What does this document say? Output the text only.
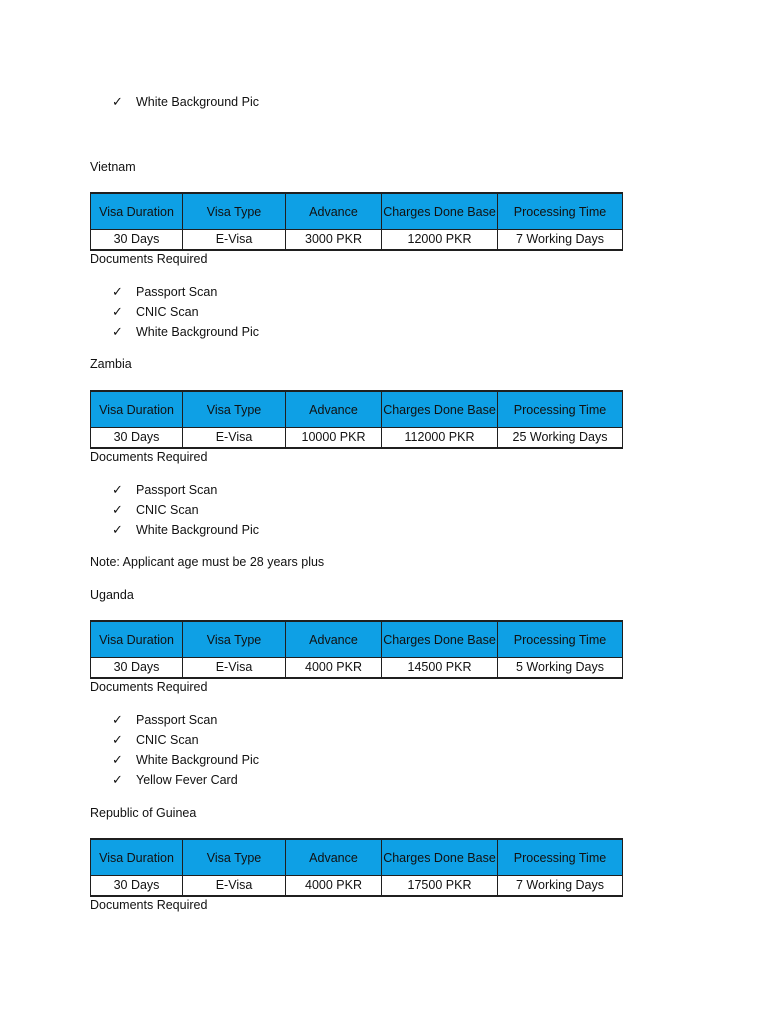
✓ White Background Pic
Vietnam
Visa Duration	Visa Type	Advance	Charges Done Base	Processing Time
30 Days	E-Visa	3000 PKR	12000 PKR	7 Working Days
Documents Required
✓ Passport Scan
✓ CNIC Scan
✓ White Background Pic
Zambia
Visa Duration	Visa Type	Advance	Charges Done Base	Processing Time
30 Days	E-Visa	10000 PKR	112000 PKR	25 Working Days
Documents Required
✓ Passport Scan
✓ CNIC Scan
✓ White Background Pic
Note: Applicant age must be 28 years plus
Uganda
Visa Duration	Visa Type	Advance	Charges Done Base	Processing Time
30 Days	E-Visa	4000 PKR	14500 PKR	5 Working Days
Documents Required
✓ Passport Scan
✓ CNIC Scan
✓ White Background Pic
✓ Yellow Fever Card
Republic of Guinea
Visa Duration	Visa Type	Advance	Charges Done Base	Processing Time
30 Days	E-Visa	4000 PKR	17500 PKR	7 Working Days
Documents Required
